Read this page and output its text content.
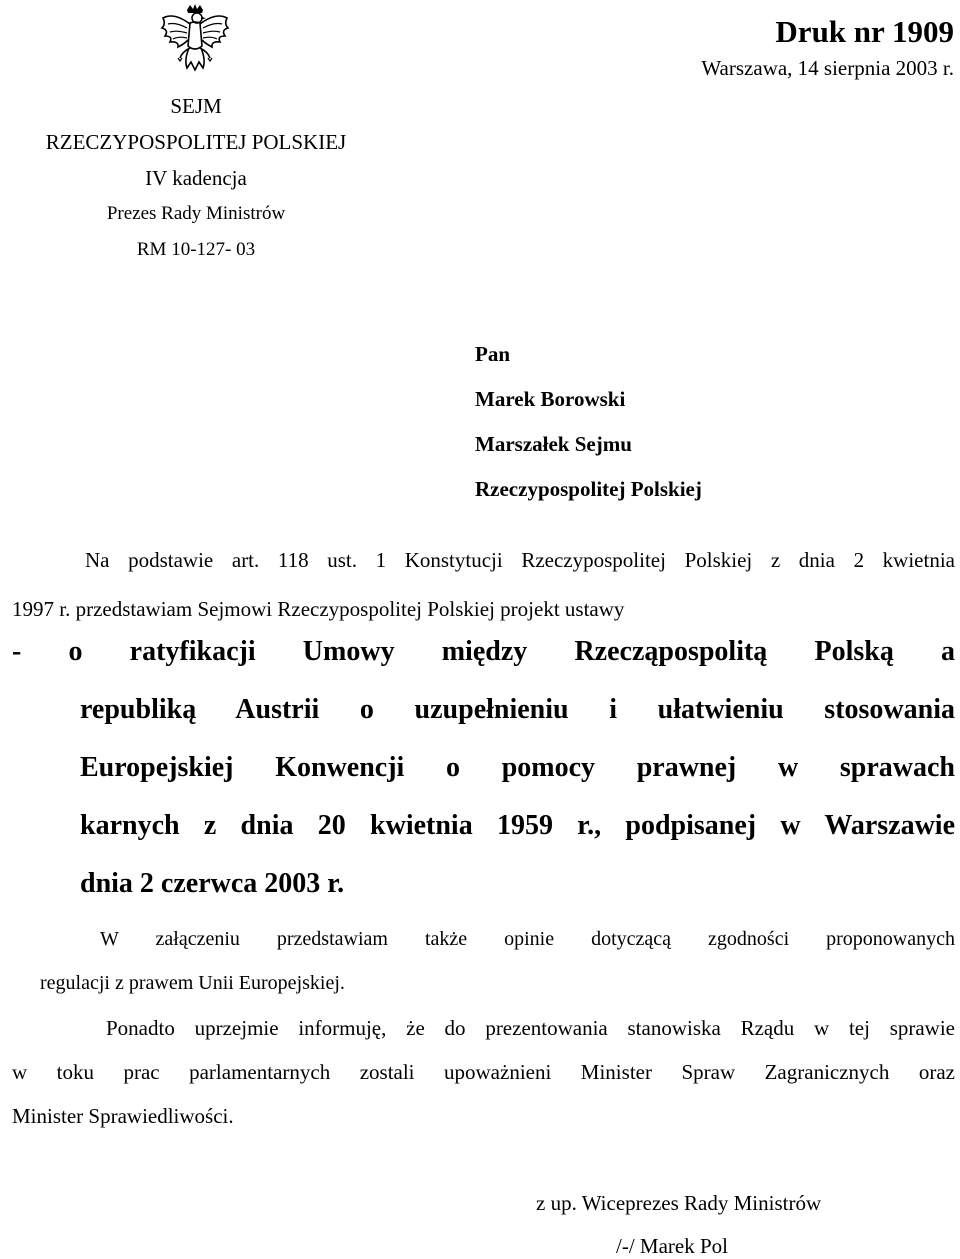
Druk nr 1909
Warszawa, 14 sierpnia 2003 r.
SEJM
RZECZYPOSPOLITEJ POLSKIEJ
IV kadencja
Prezes Rady Ministrów
RM 10-127- 03
Pan
Marek Borowski
Marszałek Sejmu
Rzeczypospolitej Polskiej
Na podstawie art. 118 ust. 1 Konstytucji Rzeczypospolitej Polskiej z dnia 2 kwietnia
1997 r. przedstawiam Sejmowi Rzeczypospolitej Polskiej projekt ustawy
- o ratyfikacji Umowy między Rzecząpospolitą Polską a
republiką Austrii o uzupełnieniu i ułatwieniu stosowania
Europejskiej Konwencji o pomocy prawnej w sprawach
karnych z dnia 20 kwietnia 1959 r., podpisanej w Warszawie
dnia 2 czerwca 2003 r.
W załączeniu przedstawiam także opinie dotyczącą zgodności proponowanych
regulacji z prawem Unii Europejskiej.
Ponadto uprzejmie informuję, że do prezentowania stanowiska Rządu w tej sprawie
w toku prac parlamentarnych zostali upoważnieni Minister Spraw Zagranicznych oraz
Minister Sprawiedliwości.
z up. Wiceprezes Rady Ministrów
/-/ Marek Pol
